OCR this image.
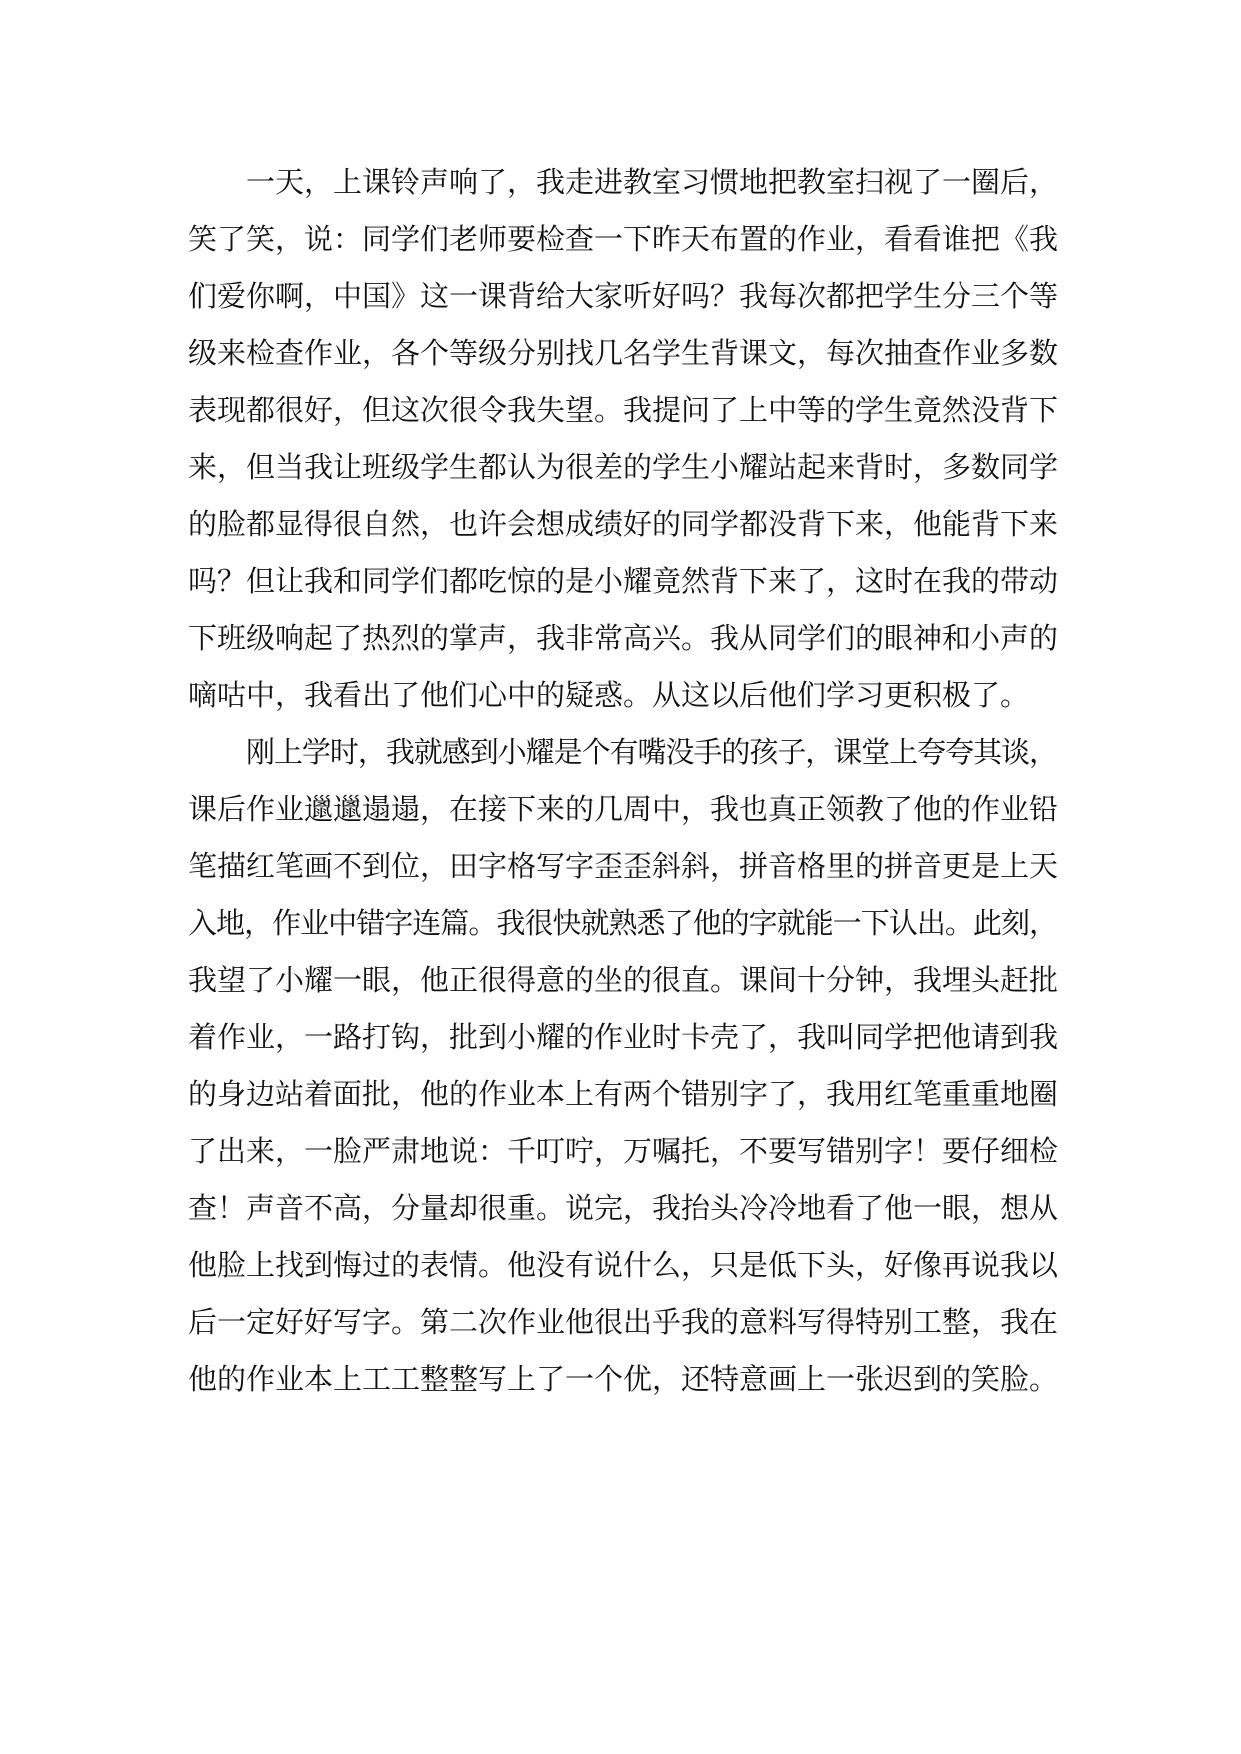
一天，上课铃声响了，我走进教室习惯地把教室扫视了一圈后，
笑了笑，说：同学们老师要检查一下昨天布置的作业，看看谁把《我
们爱你啊，中国》这一课背给大家听好吗？我每次都把学生分三个等
级来检查作业，各个等级分别找几名学生背课文，每次抽查作业多数
表现都很好，但这次很令我失望。我提问了上中等的学生竟然没背下
来，但当我让班级学生都认为很差的学生小耀站起来背时，多数同学
的脸都显得很自然，也许会想成绩好的同学都没背下来，他能背下来
吗？但让我和同学们都吃惊的是小耀竟然背下来了，这时在我的带动
下班级响起了热烈的掌声，我非常高兴。我从同学们的眼神和小声的
嘀咕中，我看出了他们心中的疑惑。从这以后他们学习更积极了。
刚上学时，我就感到小耀是个有嘴没手的孩子，课堂上夸夸其谈，
课后作业邋邋遢遢，在接下来的几周中，我也真正领教了他的作业铅
笔描红笔画不到位，田字格写字歪歪斜斜，拼音格里的拼音更是上天
入地，作业中错字连篇。我很快就熟悉了他的字就能一下认出。此刻，
我望了小耀一眼，他正很得意的坐的很直。课间十分钟，我埋头赶批
着作业，一路打钩，批到小耀的作业时卡壳了，我叫同学把他请到我
的身边站着面批，他的作业本上有两个错别字了，我用红笔重重地圈
了出来，一脸严肃地说：千叮咛，万嘱托，不要写错别字！要仔细检
查！声音不高，分量却很重。说完，我抬头冷冷地看了他一眼，想从
他脸上找到悔过的表情。他没有说什么，只是低下头，好像再说我以
后一定好好写字。第二次作业他很出乎我的意料写得特别工整，我在
他的作业本上工工整整写上了一个优，还特意画上一张迟到的笑脸。
